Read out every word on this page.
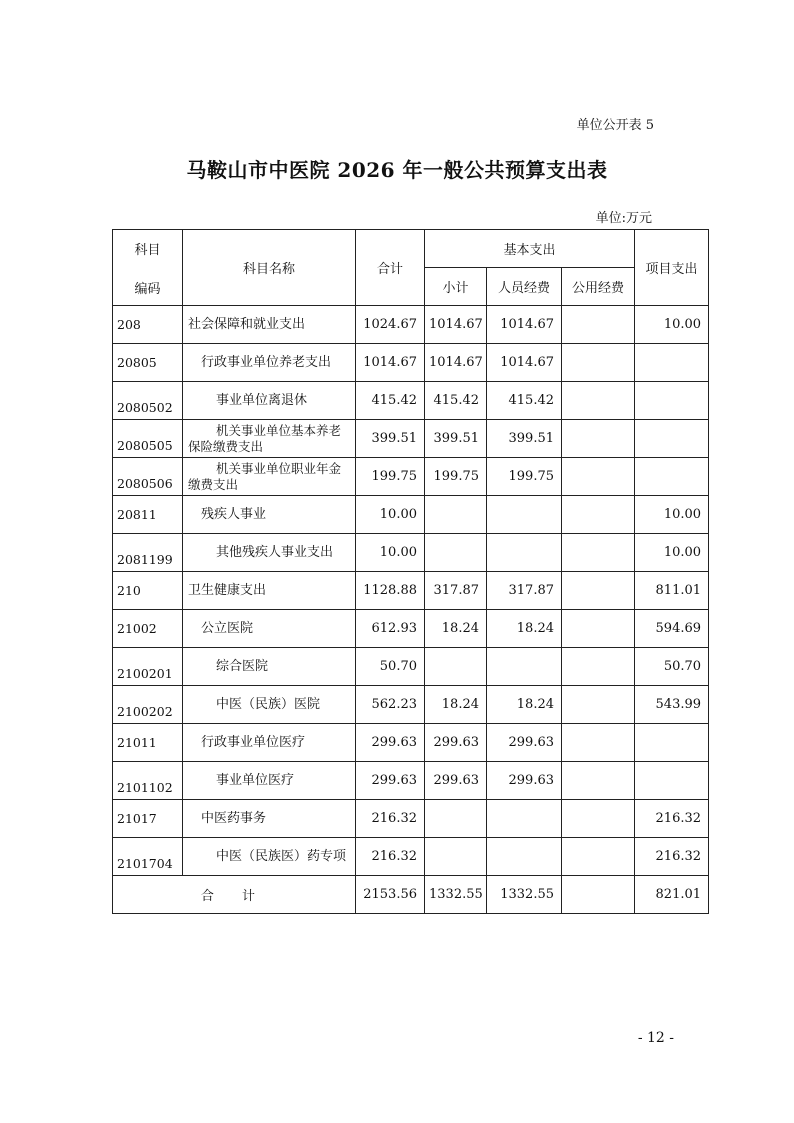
单位公开表 5
马鞍山市中医院 2026 年一般公共预算支出表
单位:万元
科目
编码	科目名称	合计	基本支出			项目支出
			小计	人员经费	公用经费	
208	社会保障和就业支出	1024.67	1014.67	1014.67		10.00
20805	行政事业单位养老支出	1014.67	1014.67	1014.67		
2080502	事业单位离退休	415.42	415.42	415.42		
2080505	机关事业单位基本养老保险缴费支出	399.51	399.51	399.51		
2080506	机关事业单位职业年金缴费支出	199.75	199.75	199.75		
20811	残疾人事业	10.00				10.00
2081199	其他残疾人事业支出	10.00				10.00
210	卫生健康支出	1128.88	317.87	317.87		811.01
21002	公立医院	612.93	18.24	18.24		594.69
2100201	综合医院	50.70				50.70
2100202	中医（民族）医院	562.23	18.24	18.24		543.99
21011	行政事业单位医疗	299.63	299.63	299.63		
2101102	事业单位医疗	299.63	299.63	299.63		
21017	中医药事务	216.32				216.32
2101704	中医（民族医）药专项	216.32				216.32
合 计		2153.56	1332.55	1332.55		821.01
- 12 -
